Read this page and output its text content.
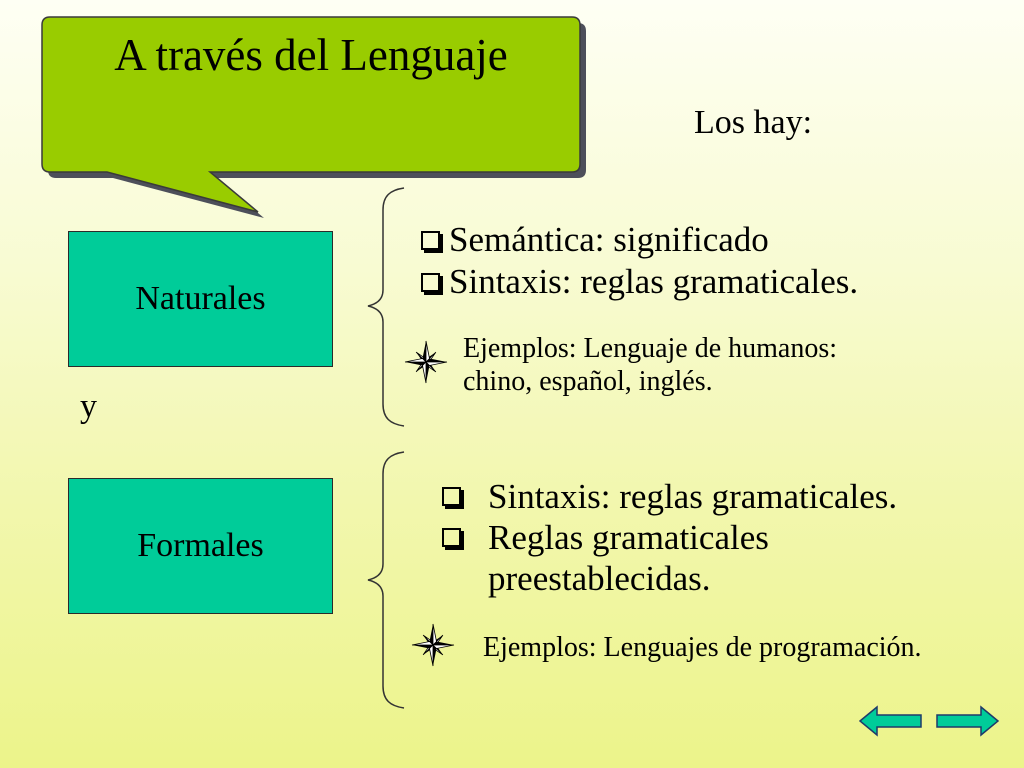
A través del Lenguaje
Los hay:
Naturales
y
Formales
Semántica: significado
Sintaxis: reglas gramaticales.
Ejemplos: Lenguaje de humanos: chino, español, inglés.
Sintaxis: reglas gramaticales.
Reglas gramaticales preestablecidas.
Ejemplos: Lenguajes de programación.
